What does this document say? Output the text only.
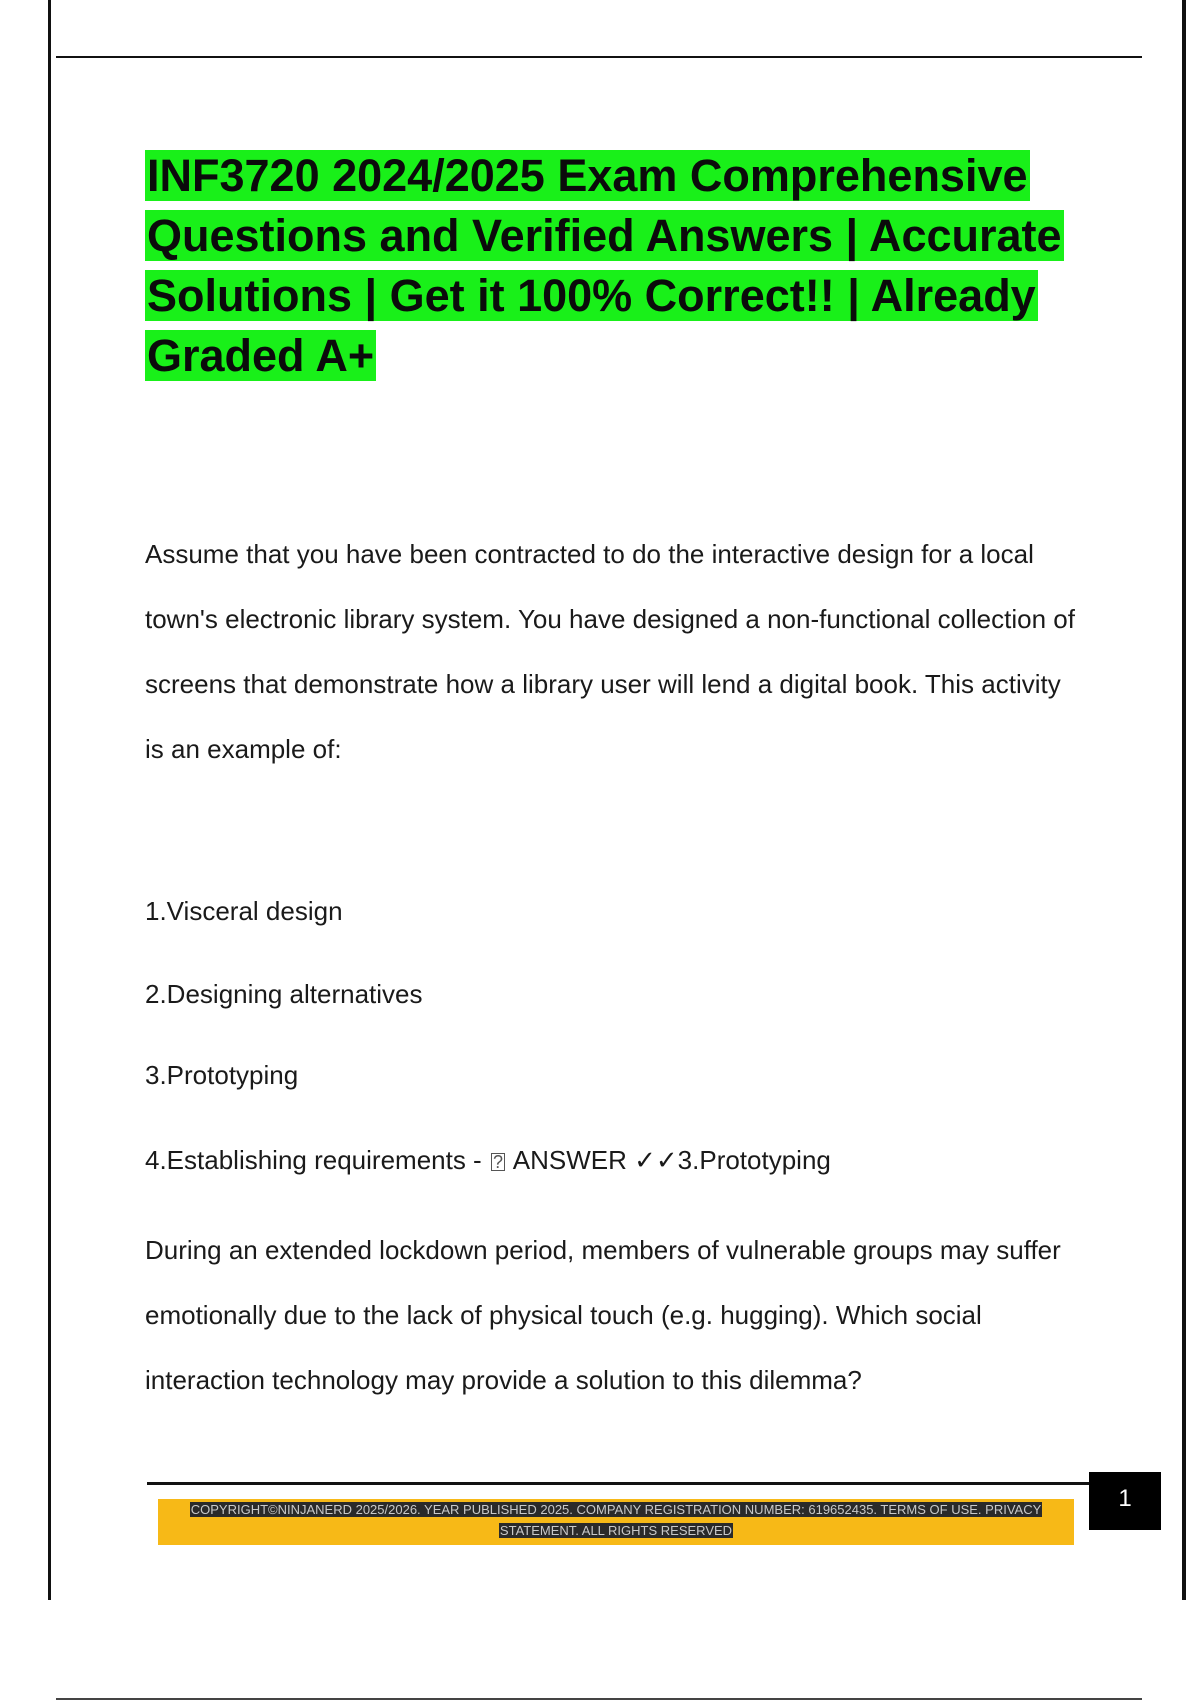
INF3720 2024/2025 Exam Comprehensive Questions and Verified Answers | Accurate Solutions | Get it 100% Correct!! | Already Graded A+

Assume that you have been contracted to do the interactive design for a local town's electronic library system. You have designed a non-functional collection of screens that demonstrate how a library user will lend a digital book. This activity is an example of:

1.Visceral design

2.Designing alternatives

3.Prototyping

4.Establishing requirements - ? ANSWER ✓✓3.Prototyping

During an extended lockdown period, members of vulnerable groups may suffer emotionally due to the lack of physical touch (e.g. hugging). Which social interaction technology may provide a solution to this dilemma?

COPYRIGHT©NINJANERD 2025/2026. YEAR PUBLISHED 2025. COMPANY REGISTRATION NUMBER: 619652435. TERMS OF USE. PRIVACY STATEMENT. ALL RIGHTS RESERVED
1
